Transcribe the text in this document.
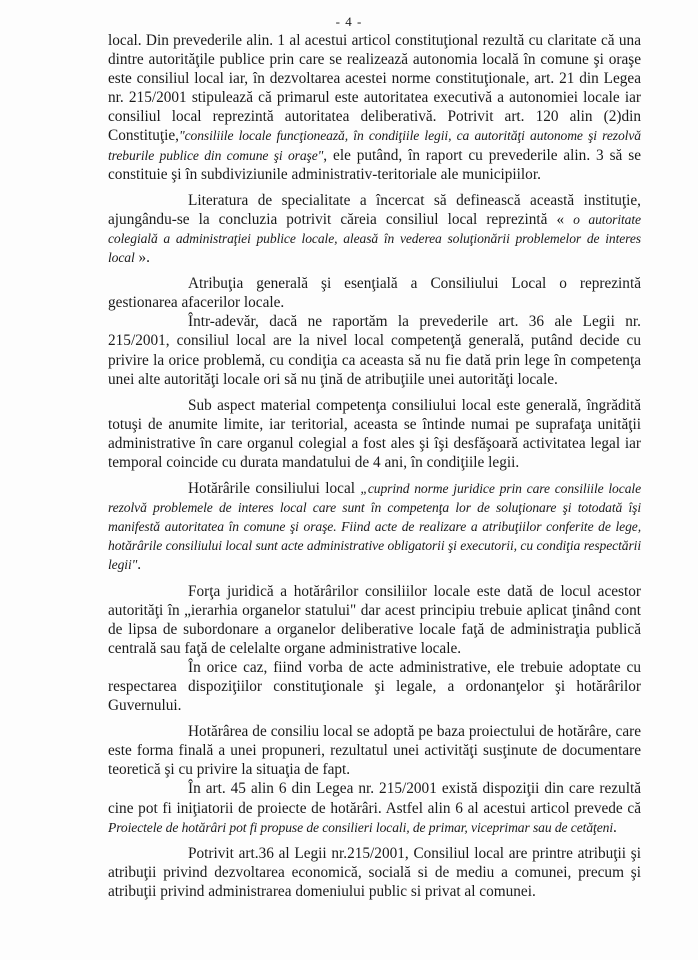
- 4 -

local. Din prevederile alin. 1 al acestui articol constituţional rezultă cu claritate că una dintre autorităţile publice prin care se realizează autonomia locală în comune şi oraşe este consiliul local iar, în dezvoltarea acestei norme constituţionale, art. 21 din Legea nr. 215/2001 stipulează că primarul este autoritatea executivă a autonomiei locale iar consiliul local reprezintă autoritatea deliberativă. Potrivit art. 120 alin (2)din Constituţie,"consiliile locale funcţionează, în condiţiile legii, ca autorităţi autonome şi rezolvă treburile publice din comune şi oraşe", ele putând, în raport cu prevederile alin. 3 să se constituie şi în subdiviziunile administrativ-teritoriale ale municipiilor.

Literatura de specialitate a încercat să definească această instituţie, ajungându-se la concluzia potrivit căreia consiliul local reprezintă « o autoritate colegială a administraţiei publice locale, aleasă în vederea soluţionării problemelor de interes local ».

Atribuţia generală şi esenţială a Consiliului Local o reprezintă gestionarea afacerilor locale.

Într-adevăr, dacă ne raportăm la prevederile art. 36 ale Legii nr. 215/2001, consiliul local are la nivel local competenţă generală, putând decide cu privire la orice problemă, cu condiţia ca aceasta să nu fie dată prin lege în competenţa unei alte autorităţi locale ori să nu ţină de atribuţiile unei autorităţi locale.

Sub aspect material competenţa consiliului local este generală, îngrădită totuşi de anumite limite, iar teritorial, aceasta se întinde numai pe suprafaţa unităţii administrative în care organul colegial a fost ales şi îşi desfăşoară activitatea legal iar temporal coincide cu durata mandatului de 4 ani, în condiţiile legii.

Hotărârile consiliului local „cuprind norme juridice prin care consiliile locale rezolvă problemele de interes local care sunt în competenţa lor de soluţionare şi totodată îşi manifestă autoritatea în comune şi oraşe. Fiind acte de realizare a atribuţiilor conferite de lege, hotărârile consiliului local sunt acte administrative obligatorii şi executorii, cu condiţia respectării legii".

Forţa juridică a hotărârilor consiliilor locale este dată de locul acestor autorităţi în „ierarhia organelor statului" dar acest principiu trebuie aplicat ţinând cont de lipsa de subordonare a organelor deliberative locale faţă de administraţia publică centrală sau faţă de celelalte organe administrative locale.

În orice caz, fiind vorba de acte administrative, ele trebuie adoptate cu respectarea dispoziţiilor constituţionale şi legale, a ordonanţelor şi hotărârilor Guvernului.

Hotărârea de consiliu local se adoptă pe baza proiectului de hotărâre, care este forma finală a unei propuneri, rezultatul unei activităţi susţinute de documentare teoretică şi cu privire la situaţia de fapt.

În art. 45 alin 6 din Legea nr. 215/2001 există dispoziţii din care rezultă cine pot fi iniţiatorii de proiecte de hotărâri. Astfel alin 6 al acestui articol prevede că Proiectele de hotărâri pot fi propuse de consilieri locali, de primar, viceprimar sau de cetăţeni.

Potrivit art.36 al Legii nr.215/2001, Consiliul local are printre atribuţii şi atribuţii privind dezvoltarea economică, socială si de mediu a comunei, precum şi atribuţii privind administrarea domeniului public si privat al comunei.
